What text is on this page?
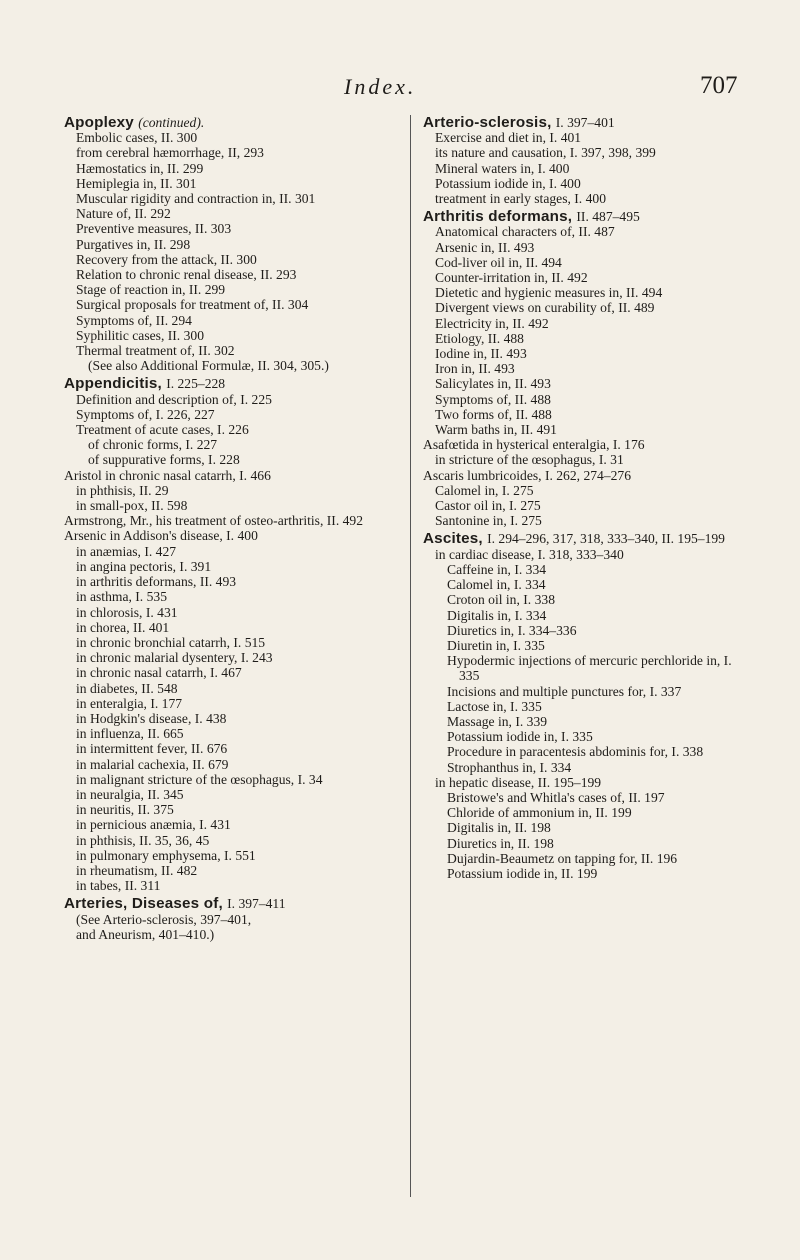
Index.	707
Apoplexy (continued).
Embolic cases, II. 300
from cerebral hæmorrhage, II, 293
Hæmostatics in, II. 299
Hemiplegia in, II. 301
Muscular rigidity and contraction in, II. 301
Nature of, II. 292
Preventive measures, II. 303
Purgatives in, II. 298
Recovery from the attack, II. 300
Relation to chronic renal disease, II. 293
Stage of reaction in, II. 299
Surgical proposals for treatment of, II. 304
Symptoms of, II. 294
Syphilitic cases, II. 300
Thermal treatment of, II. 302
(See also Additional Formulæ, II. 304, 305.)
Appendicitis, I. 225–228
Definition and description of, I. 225
Symptoms of, I. 226, 227
Treatment of acute cases, I. 226
of chronic forms, I. 227
of suppurative forms, I. 228
Aristol in chronic nasal catarrh, I. 466
in phthisis, II. 29
in small-pox, II. 598
Armstrong, Mr., his treatment of osteo-arthritis, II. 492
Arsenic in Addison's disease, I. 400
in anæmias, I. 427
in angina pectoris, I. 391
in arthritis deformans, II. 493
in asthma, I. 535
in chlorosis, I. 431
in chorea, II. 401
in chronic bronchial catarrh, I. 515
in chronic malarial dysentery, I. 243
in chronic nasal catarrh, I. 467
in diabetes, II. 548
in enteralgia, I. 177
in Hodgkin's disease, I. 438
in influenza, II. 665
in intermittent fever, II. 676
in malarial cachexia, II. 679
in malignant stricture of the œsophagus, I. 34
in neuralgia, II. 345
in neuritis, II. 375
in pernicious anæmia, I. 431
in phthisis, II. 35, 36, 45
in pulmonary emphysema, I. 551
in rheumatism, II. 482
in tabes, II. 311
Arteries, Diseases of, I. 397–411
(See Arterio-sclerosis, 397–401,
and Aneurism, 401–410.)
Arterio-sclerosis, I. 397–401
Exercise and diet in, I. 401
its nature and causation, I. 397, 398, 399
Mineral waters in, I. 400
Potassium iodide in, I. 400
treatment in early stages, I. 400
Arthritis deformans, II. 487–495
Anatomical characters of, II. 487
Arsenic in, II. 493
Cod-liver oil in, II. 494
Counter-irritation in, II. 492
Dietetic and hygienic measures in, II. 494
Divergent views on curability of, II. 489
Electricity in, II. 492
Etiology, II. 488
Iodine in, II. 493
Iron in, II. 493
Salicylates in, II. 493
Symptoms of, II. 488
Two forms of, II. 488
Warm baths in, II. 491
Asafœtida in hysterical enteralgia, I. 176
in stricture of the œsophagus, I. 31
Ascaris lumbricoides, I. 262, 274–276
Calomel in, I. 275
Castor oil in, I. 275
Santonine in, I. 275
Ascites, I. 294–296, 317, 318, 333–340, II. 195–199
in cardiac disease, I. 318, 333–340
Caffeine in, I. 334
Calomel in, I. 334
Croton oil in, I. 338
Digitalis in, I. 334
Diuretics in, I. 334–336
Diuretin in, I. 335
Hypodermic injections of mercuric perchloride in, I. 335
Incisions and multiple punctures for, I. 337
Lactose in, I. 335
Massage in, I. 339
Potassium iodide in, I. 335
Procedure in paracentesis abdominis for, I. 338
Strophanthus in, I. 334
in hepatic disease, II. 195–199
Bristowe's and Whitla's cases of, II. 197
Chloride of ammonium in, II. 199
Digitalis in, II. 198
Diuretics in, II. 198
Dujardin-Beaumetz on tapping for, II. 196
Potassium iodide in, II. 199
